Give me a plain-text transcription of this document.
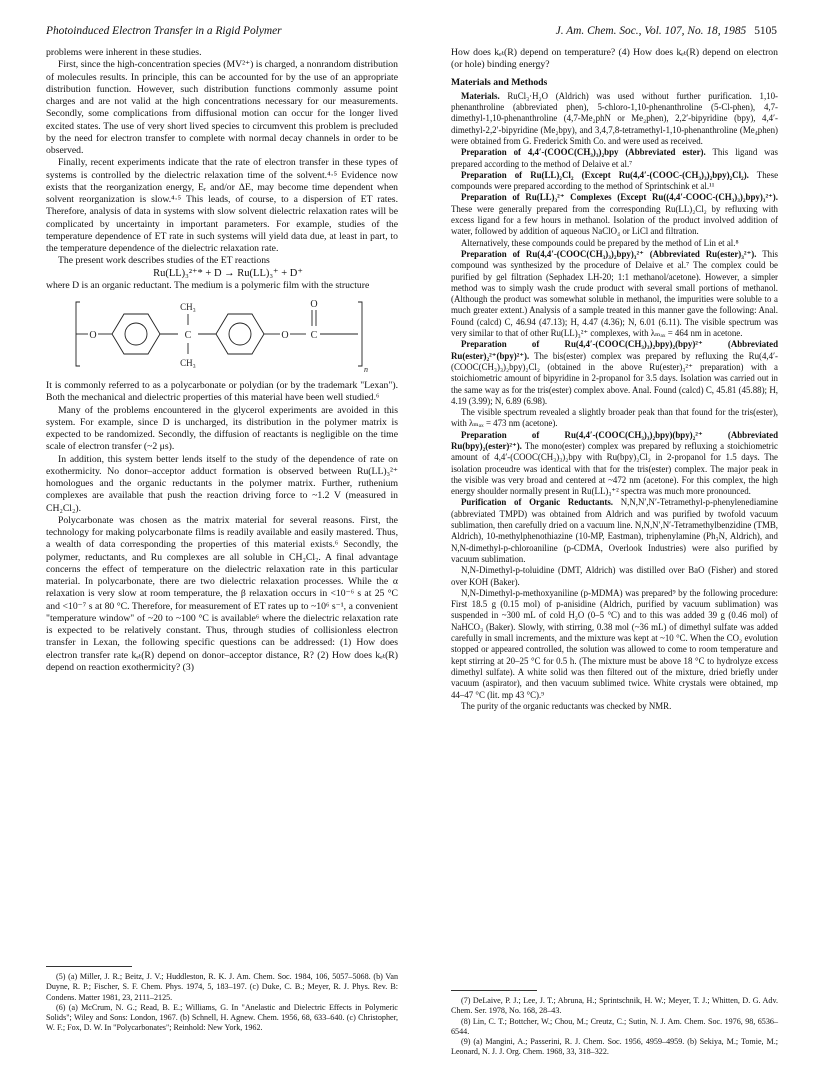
Photoinduced Electron Transfer in a Rigid Polymer	J. Am. Chem. Soc., Vol. 107, No. 18, 1985 5105

problems were inherent in these studies.

First, since the high-concentration species (MV²⁺) is charged, a nonrandom distribution of molecules results. In principle, this can be accounted for by the use of an appropriate distribution function. However, such distribution functions commonly assume point charges and are not valid at the high concentrations necessary for our measurements. Secondly, some complications from diffusional motion can occur for the longer lived excited states. The use of very short lived species to circumvent this problem is precluded by the need for electron transfer to complete with normal decay channels in order to be observed.

Finally, recent experiments indicate that the rate of electron transfer in these types of systems is controlled by the dielectric relaxation time of the solvent.⁴·⁵ Evidence now exists that the reorganization energy, Eᵣ and/or ΔE, may become time dependent when solvent reorganization is slow.⁴·⁵ This leads, of course, to a dispersion of ET rates. Therefore, analysis of data in systems with slow solvent dielectric relaxation rates will be complicated by uncertainty in important parameters. For example, studies of the temperature dependence of ET rate in such systems will yield data due, at least in part, to the temperature dependence of the dielectric relaxation rate.

The present work describes studies of the ET reactions

Ru(LL)₃²⁺* + D → Ru(LL)₃⁺ + D⁺

where D is an organic reductant. The medium is a polymeric film with the structure

O
CH₃
C
CH₃
O C
O
n

It is commonly referred to as a polycarbonate or polydian (or by the trademark "Lexan"). Both the mechanical and dielectric properties of this material have been well studied.⁶

Many of the problems encountered in the glycerol experiments are avoided in this system. For example, since D is uncharged, its distribution in the polymer matrix is expected to be randomized. Secondly, the diffusion of reactants is negligible on the time scale of electron transfer (~2 μs).

In addition, this system better lends itself to the study of the dependence of rate on exothermicity. No donor–acceptor adduct formation is observed between Ru(LL)₃²⁺ homologues and the organic reductants in the polymer matrix. Further, ruthenium complexes are available that push the reaction driving force to ~1.2 V (measured in CH₂Cl₂).

Polycarbonate was chosen as the matrix material for several reasons. First, the technology for making polycarbonate films is readily available and easily mastered. Thus, a wealth of data corresponding the properties of this material exists.⁶ Secondly, the polymer, reductants, and Ru complexes are all soluble in CH₂Cl₂. A final advantage concerns the effect of temperature on the dielectric relaxation rate in this particular material. In polycarbonate, there are two dielectric relaxation processes. While the α relaxation is very slow at room temperature, the β relaxation occurs in <10⁻⁶ s at 25 °C and <10⁻⁷ s at 80 °C. Therefore, for measurement of ET rates up to ~10⁶ s⁻¹, a convenient "temperature window" of ~20 to ~100 °C is available⁶ where the dielectric relaxation rate is expected to be relatively constant. Thus, through studies of collisionless electron transfer in Lexan, the following specific questions can be addressed: (1) How does electron transfer rate kₑₜ(R) depend on donor–acceptor distance, R? (2) How does kₑₜ(R) depend on reaction exothermicity? (3)

How does kₑₜ(R) depend on temperature? (4) How does kₑₜ(R) depend on electron (or hole) binding energy?

Materials and Methods

Materials. RuCl₃·H₂O (Aldrich) was used without further purification. 1,10-phenanthroline (abbreviated phen), 5-chloro-1,10-phenanthroline (5-Cl-phen), 4,7-dimethyl-1,10-phenanthroline (4,7-Me₂phN or Me₂phen), 2,2′-bipyridine (bpy), 4,4′-dimethyl-2,2′-bipyridine (Me₂bpy), and 3,4,7,8-tetramethyl-1,10-phenanthroline (Me₄phen) were obtained from G. Frederick Smith Co. and were used as received.

Preparation of 4,4′-(COOC(CH₃)₃)₂bpy (Abbreviated ester). This ligand was prepared according to the method of Delaive et al.⁷

Preparation of Ru(LL)₂Cl₂ (Except Ru(4,4′-(COOC-(CH₃)₃)₂bpy)₂Cl₂). These compounds were prepared according to the method of Sprintschink et al.¹¹

Preparation of Ru(LL)₃²⁺ Complexes (Except Ru((4,4′-COOC-(CH₃)₃)₂bpy)₃²⁺). These were generally prepared from the corresponding Ru(LL)₂Cl₂ by refluxing with excess ligand for a few hours in methanol. Isolation of the product involved addition of water, followed by addition of aqueous NaClO₄ or LiCl and filtration.

Alternatively, these compounds could be prepared by the method of Lin et al.⁸

Preparation of Ru(4,4′-(COOC(CH₃)₃)₂bpy)₃²⁺ (Abbreviated Ru(ester)₃²⁺). This compound was synthesized by the procedure of Delaive et al.⁷ The complex could be purified by gel filtration (Sephadex LH-20; 1:1 methanol/acetone). However, a simpler method was to simply wash the crude product with several small portions of methanol. (Although the product was somewhat soluble in methanol, the impurities were soluble to a much greater extent.) Analysis of a sample treated in this manner gave the following: Anal. Found (calcd) C, 46.94 (47.13); H, 4.47 (4.36); N, 6.01 (6.11). The visible spectrum was very similar to that of other Ru(LL)₃²⁺ complexes, with λₘₐₓ = 464 nm in acetone.

Preparation of Ru(4,4′-(COOC(CH₃)₃)₂bpy)₂(bpy)²⁺ (Abbreviated Ru(ester)₂²⁺(bpy)²⁺). The bis(ester) complex was prepared by refluxing the Ru(4,4′-(COOC(CH₃)₃)₂bpy)₂Cl₂ (obtained in the above Ru(ester)₃²⁺ preparation) with a stoichiometric amount of bipyridine in 2-propanol for 3.5 days. Isolation was carried out in the same way as for the tris(ester) complex above. Anal. Found (calcd) C, 45.81 (45.88); H, 4.19 (3.99); N, 6.89 (6.98).

The visible spectrum revealed a slightly broader peak than that found for the tris(ester), with λₘₐₓ = 473 nm (acetone).

Preparation of Ru(4,4′-(COOC(CH₃)₃)₂bpy)(bpy)₂²⁺ (Abbreviated Ru(bpy)₂(ester)²⁺). The mono(ester) complex was prepared by refluxing a stoichiometric amount of 4,4′-(COOC(CH₃)₃)₂bpy with Ru(bpy)₂Cl₂ in 2-propanol for 1.5 days. The isolation proceudre was identical with that for the tris(ester) complex. The major peak in the visible was very broad and centered at ~472 nm (acetone). For this complex, the high energy shoulder normally present in Ru(LL)₃⁺² spectra was much more pronounced.

Purification of Organic Reductants. N,N,N′,N′-Tetramethyl-p-phenylenediamine (abbreviated TMPD) was obtained from Aldrich and was purified by twofold vacuum sublimation, then carefully dried on a vacuum line. N,N,N′,N′-Tetramethylbenzidine (TMB, Aldrich), 10-methylphenothiazine (10-MP, Eastman), triphenylamine (Ph₃N, Aldrich), and N,N-dimethyl-p-chloroaniline (p-CDMA, Overlook Industries) were also purified by vacuum sublimation.

N,N-Dimethyl-p-toluidine (DMT, Aldrich) was distilled over BaO (Fisher) and stored over KOH (Baker).

N,N-Dimethyl-p-methoxyaniline (p-MDMA) was prepared⁹ by the following procedure: First 18.5 g (0.15 mol) of p-anisidine (Aldrich, purified by vacuum sublimation) was suspended in ~300 mL of cold H₂O (0–5 °C) and to this was added 39 g (0.46 mol) of NaHCO₃ (Baker). Slowly, with stirring, 0.38 mol (~36 mL) of dimethyl sulfate was added carefully in small increments, and the mixture was kept at ~10 °C. When the CO₂ evolution stopped or appeared controlled, the solution was allowed to come to room temperature and kept stirring at 20–25 °C for 0.5 h. (The mixture must be above 18 °C to hydrolyze excess dimethyl sulfate). A white solid was then filtered out of the mixture, dried briefly under vacuum (aspirator), and then vacuum sublimed twice. White crystals were obtained, mp 44–47 °C (lit. mp 43 °C).⁹

The purity of the organic reductants was checked by NMR.

(5) (a) Miller, J. R.; Beitz, J. V.; Huddleston, R. K. J. Am. Chem. Soc. 1984, 106, 5057–5068. (b) Van Duyne, R. P.; Fischer, S. F. Chem. Phys. 1974, 5, 183–197. (c) Duke, C. B.; Meyer, R. J. Phys. Rev. B: Condens. Matter 1981, 23, 2111–2125.

(6) (a) McCrum, N. G.; Read, B. E.; Williams, G. In "Anelastic and Dielectric Effects in Polymeric Solids"; Wiley and Sons: London, 1967. (b) Schnell, H. Agnew. Chem. 1956, 68, 633–640. (c) Christopher, W. F.; Fox, D. W. In "Polycarbonates"; Reinhold: New York, 1962.

(7) DeLaive, P. J.; Lee, J. T.; Abruna, H.; Sprintschnik, H. W.; Meyer, T. J.; Whitten, D. G. Adv. Chem. Ser. 1978, No. 168, 28–43.

(8) Lin, C. T.; Bottcher, W.; Chou, M.; Creutz, C.; Sutin, N. J. Am. Chem. Soc. 1976, 98, 6536–6544.

(9) (a) Mangini, A.; Passerini, R. J. Chem. Soc. 1956, 4959–4959. (b) Sekiya, M.; Tomie, M.; Leonard, N. J. J. Org. Chem. 1968, 33, 318–322.
